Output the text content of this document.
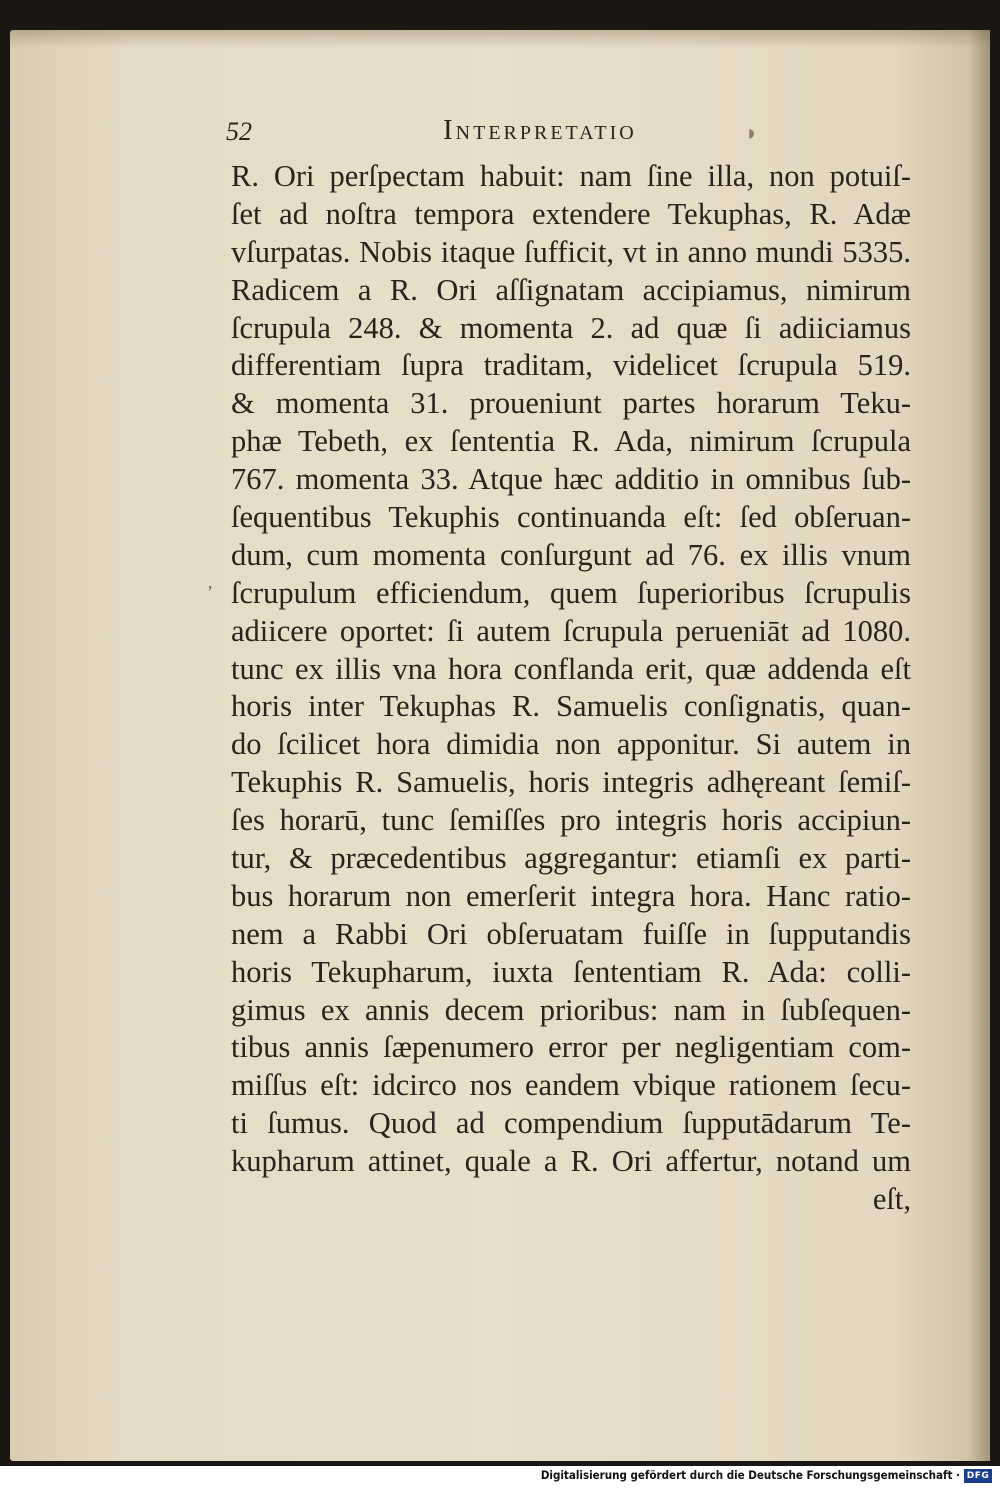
52	Interpretatio	◗
ʼ
R. Ori perſpectam habuit: nam ſine illa, non potuiſ-
ſet ad noſtra tempora extendere Tekuphas, R. Adæ
vſurpatas. Nobis itaque ſufficit, vt in anno mundi 5335.
Radicem a R. Ori aſſignatam accipiamus, nimirum
ſcrupula 248. & momenta 2. ad quæ ſi adiiciamus
differentiam ſupra traditam, videlicet ſcrupula 519.
& momenta 31. proueniunt partes horarum Teku-
phæ Tebeth, ex ſententia R. Ada, nimirum ſcrupula
767. momenta 33. Atque hæc additio in omnibus ſub-
ſequentibus Tekuphis continuanda eſt: ſed obſeruan-
dum, cum momenta conſurgunt ad 76. ex illis vnum
ſcrupulum efficiendum, quem ſuperioribus ſcrupulis
adiicere oportet: ſi autem ſcrupula perueniāt ad 1080.
tunc ex illis vna hora conflanda erit, quæ addenda eſt
horis inter Tekuphas R. Samuelis conſignatis, quan-
do ſcilicet hora dimidia non apponitur. Si autem in
Tekuphis R. Samuelis, horis integris adhęreant ſemiſ-
ſes horarū, tunc ſemiſſes pro integris horis accipiun-
tur, & præcedentibus aggregantur: etiamſi ex parti-
bus horarum non emerſerit integra hora. Hanc ratio-
nem a Rabbi Ori obſeruatam fuiſſe in ſupputandis
horis Tekupharum, iuxta ſententiam R. Ada: colli-
gimus ex annis decem prioribus: nam in ſubſequen-
tibus annis ſæpenumero error per negligentiam com-
miſſus eſt: idcirco nos eandem vbique rationem ſecu-
ti ſumus. Quod ad compendium ſupputādarum Te-
kupharum attinet, quale a R. Ori affertur, notand um
eſt,
Digitalisierung gefördert durch die Deutsche Forschungsgemeinschaft · DFG
